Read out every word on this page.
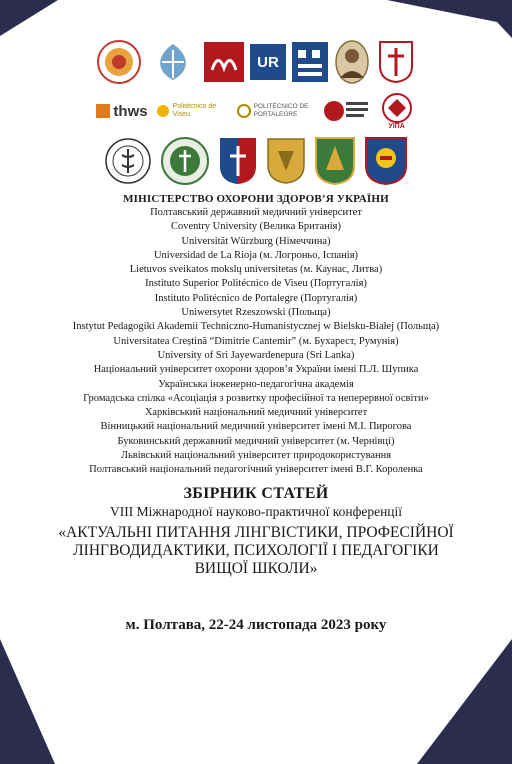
UR
thws	Politécnico de Viseu
POLITÉCNICO DE PORTALEGRE
УІПА
МІНІСТЕРСТВО ОХОРОНИ ЗДОРОВ’Я УКРАЇНИ
Полтавський державний медичний університет
Coventry University (Велика Британія)
Universität Würzburg (Німеччина)
Universidad de La Rioja (м. Логроньо, Іспанія)
Lietuvos sveikatos mokslų universitetas (м. Каунас, Литва)
Instituto Superior Politécnico de Viseu (Португалія)
Instituto Politécnico de Portalegre (Португалія)
Uniwersytet Rzeszowski (Польща)
Instytut Pedagogiki Akademii Techniczno-Humanistycznej w Bielsku-Białej (Польща)
Universitatea Creștină “Dimitrie Cantemir” (м. Бухарест, Румунія)
University of Sri Jayewardenepura (Sri Lanka)
Національний університет охорони здоров’я України імені П.Л. Шупика
Українська інженерно-педагогічна академія
Громадська спілка «Асоціація з розвитку професійної та неперервної освіти»
Харківський національний медичний університет
Вінницький національний медичний університет імені М.І. Пирогова
Буковинський державний медичний університет (м. Чернівці)
Львівський національний університет природокористування
Полтавський національний педагогічний університет імені В.Г. Короленка
ЗБІРНИК СТАТЕЙ
VIII Міжнародної науково-практичної конференції
«АКТУАЛЬНІ ПИТАННЯ ЛІНГВІСТИКИ, ПРОФЕСІЙНОЇ
ЛІНГВОДИДАКТИКИ, ПСИХОЛОГІЇ І ПЕДАГОГІКИ
ВИЩОЇ ШКОЛИ»
м. Полтава, 22-24 листопада 2023 року
